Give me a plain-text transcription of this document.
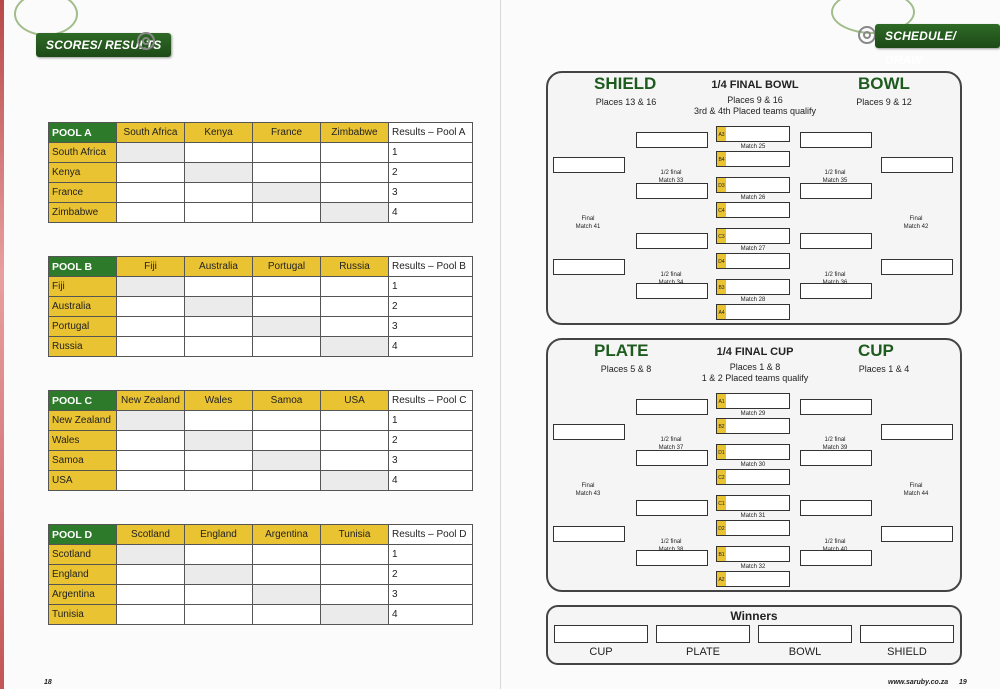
SCORES/ RESULTS
POOL A	South Africa	Kenya	France	Zimbabwe	Results – Pool A
South Africa					1
Kenya					2
France					3
Zimbabwe					4
POOL B	Fiji	Australia	Portugal	Russia	Results – Pool B
Fiji					1
Australia					2
Portugal					3
Russia					4
POOL C	New Zealand	Wales	Samoa	USA	Results – Pool C
New Zealand					1
Wales					2
Samoa					3
USA					4
POOL D	Scotland	England	Argentina	Tunisia	Results – Pool D
Scotland					1
England					2
Argentina					3
Tunisia					4
18
SCHEDULE/ DRAW
www.saruby.co.za 19
SHIELD
Places 13 & 16
1/4 FINAL BOWL
Places 9 & 16
3rd & 4th Placed teams qualify
BOWL
Places 9 & 12
A3
Match 25
B4
D3
Match 26
C4
C3
Match 27
D4
B3
Match 28
A4
1/2 final
Match 33
1/2 final
Match 34
1/2 final
Match 35
1/2 final
Match 36
Final
Match 41
Final
Match 42
PLATE
Places 5 & 8
1/4 FINAL CUP
Places 1 & 8
1 & 2 Placed teams qualify
CUP
Places 1 & 4
A1
Match 29
B2
D1
Match 30
C2
C1
Match 31
D2
B1
Match 32
A2
1/2 final
Match 37
1/2 final
Match 38
1/2 final
Match 39
1/2 final
Match 40
Final
Match 43
Final
Match 44
Winners
CUP	PLATE	BOWL	SHIELD
